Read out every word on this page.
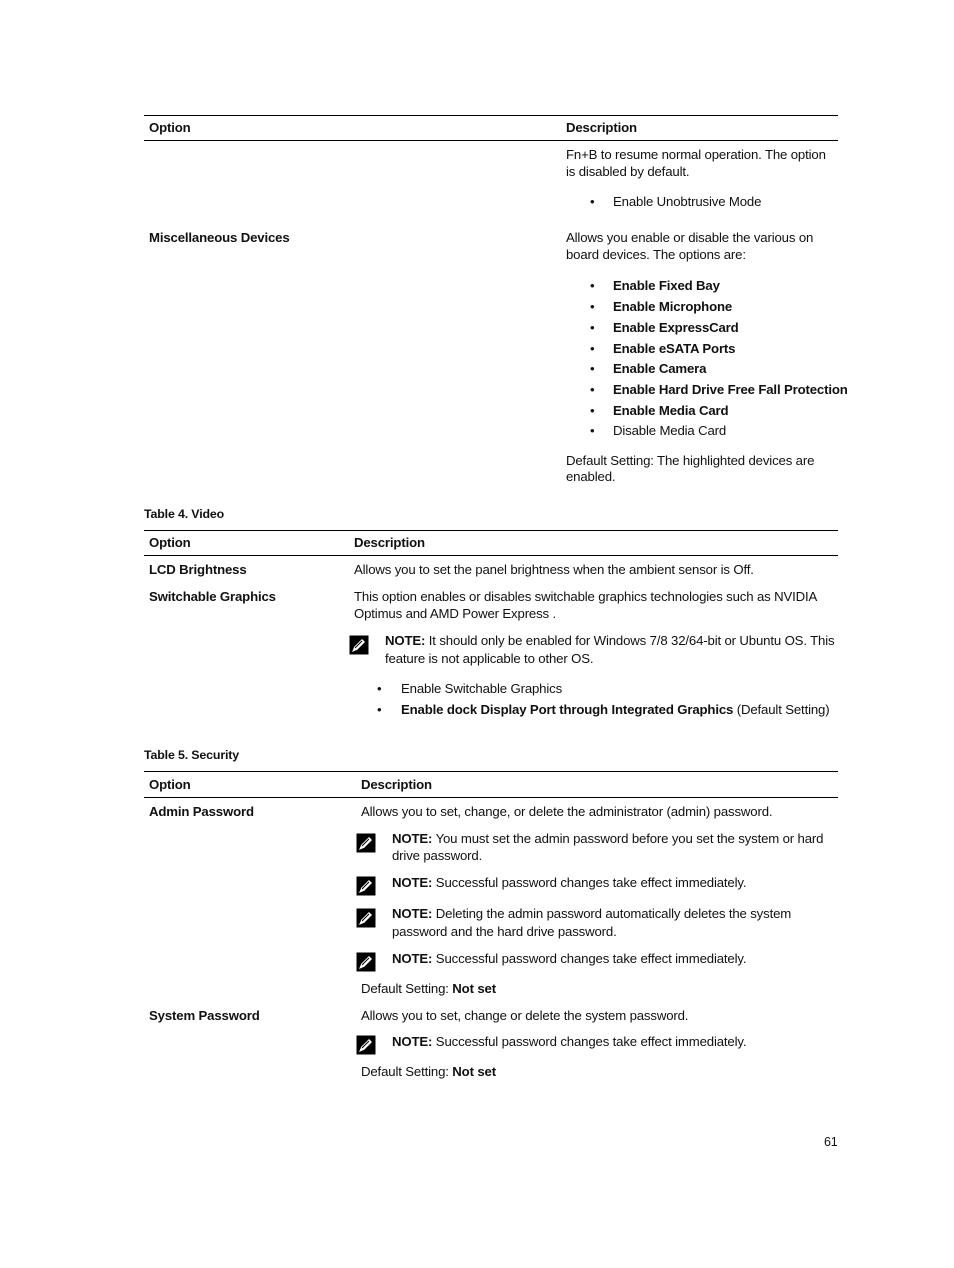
Option	Description
Fn+B to resume normal operation. The option
is disabled by default.
• Enable Unobtrusive Mode
Miscellaneous Devices	Allows you enable or disable the various on
board devices. The options are:
• Enable Fixed Bay
• Enable Microphone
• Enable ExpressCard
• Enable eSATA Ports
• Enable Camera
• Enable Hard Drive Free Fall Protection
• Enable Media Card
• Disable Media Card
Default Setting: The highlighted devices are
enabled.
Table 4. Video
Option	Description
LCD Brightness	Allows you to set the panel brightness when the ambient sensor is Off.
Switchable Graphics	This option enables or disables switchable graphics technologies such as NVIDIA
Optimus and AMD Power Express .
NOTE: It should only be enabled for Windows 7/8 32/64-bit or Ubuntu OS. This
feature is not applicable to other OS.
• Enable Switchable Graphics
• Enable dock Display Port through Integrated Graphics (Default Setting)
Table 5. Security
Option	Description
Admin Password	Allows you to set, change, or delete the administrator (admin) password.
NOTE: You must set the admin password before you set the system or hard
drive password.
NOTE: Successful password changes take effect immediately.
NOTE: Deleting the admin password automatically deletes the system
password and the hard drive password.
NOTE: Successful password changes take effect immediately.
Default Setting: Not set
System Password	Allows you to set, change or delete the system password.
NOTE: Successful password changes take effect immediately.
Default Setting: Not set
61
